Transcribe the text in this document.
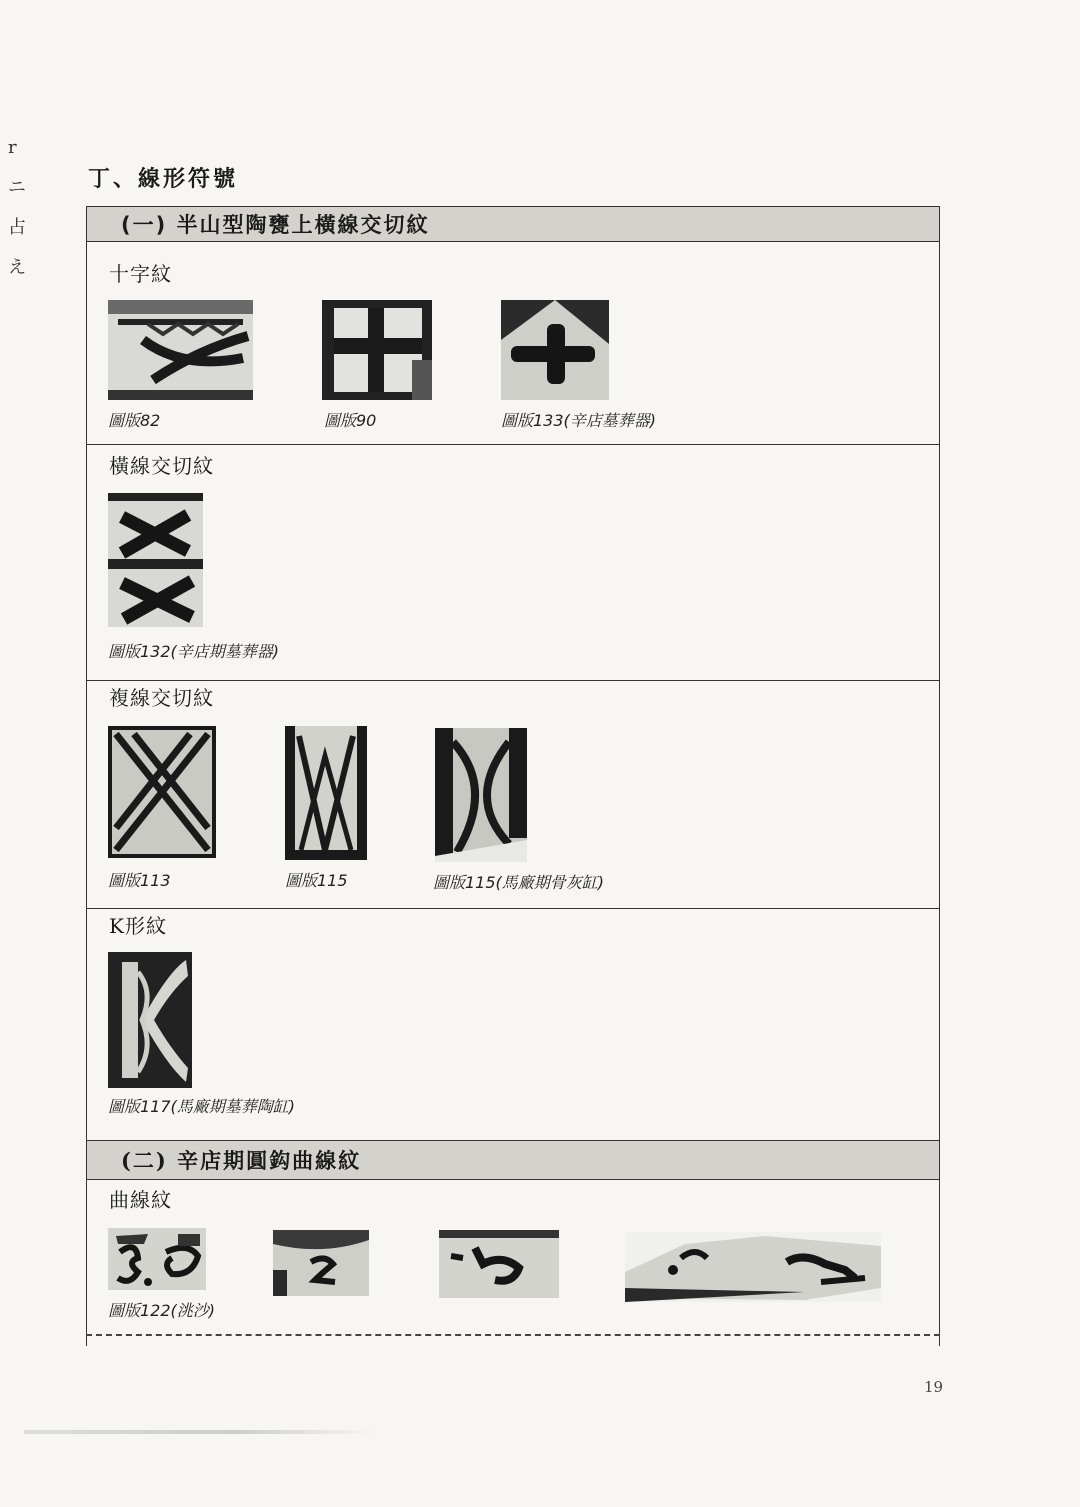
r
ニ
占
え
丁、線形符號
(一) 半山型陶甕上橫線交切紋
十字紋
圖版82	圖版90	圖版133(辛店墓葬器)
橫線交切紋
圖版132(辛店期墓葬器)
複線交切紋
圖版113	圖版115	圖版115(馬廠期骨灰缸)
K形紋
圖版117(馬廠期墓葬陶缸)
(二) 辛店期圓鈎曲線紋
曲線紋
圖版122(洮沙)
19
